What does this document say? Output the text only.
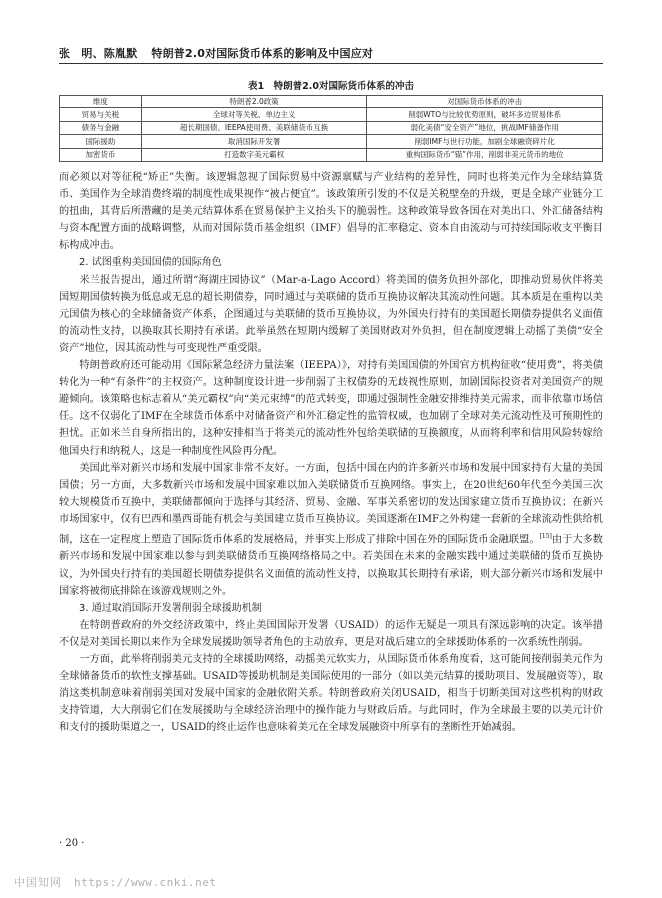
张　明、陈胤默 特朗普2.0对国际货币体系的影响及中国应对
表1　特朗普2.0对国际货币体系的冲击
维度	特朗普2.0政策	对国际货币体系的冲击
贸易与关税	全球对等关税、单边主义	削弱WTO与比较优势原则，破坏多边贸易体系
债务与金融	超长期国债、IEEPA使用费、美联储货币互换	弱化美债“安全资产”地位，挑战IMF储备作用
国际援助	取消国际开发署	削弱IMF与世行功能，加剧全球融资碎片化
加密货币	打造数字美元霸权	重构国际货币“锚”作用，削弱非美元货币的地位

而必须以对等征税“矫正”失衡。该逻辑忽视了国际贸易中资源禀赋与产业结构的差异性，同时也将美元作为全球结算货币、美国作为全球消费终端的制度性成果视作“被占便宜”。该政策所引发的不仅是关税壁垒的升级，更是全球产业链分工的扭曲，其背后所潜藏的是美元结算体系在贸易保护主义抬头下的脆弱性。这种政策导致各国在对美出口、外汇储备结构与资本配置方面的战略调整，从而对国际货币基金组织（IMF）倡导的汇率稳定、资本自由流动与可持续国际收支平衡目标构成冲击。

2. 试图重构美国国债的国际角色

米兰报告提出，通过所谓“海湖庄园协议”（Mar-a-Lago Accord）将美国的债务负担外部化，即推动贸易伙伴将美国短期国债转换为低息或无息的超长期债券，同时通过与美联储的货币互换协议解决其流动性问题。其本质是在重构以美元国债为核心的全球储备资产体系，企图通过与美联储的货币互换协议，为外国央行持有的美国超长期债券提供名义面值的流动性支持，以换取其长期持有承诺。此举虽然在短期内缓解了美国财政对外负担，但在制度逻辑上动摇了美债“安全资产”地位，因其流动性与可变现性严重受限。

特朗普政府还可能动用《国际紧急经济力量法案（IEEPA）》，对持有美国国债的外国官方机构征收“使用费”，将美债转化为一种“有条件”的主权资产。这种制度设计进一步削弱了主权债券的无歧视性原则，加剧国际投资者对美国资产的规避倾向。该策略也标志着从“美元霸权”向“美元束缚”的范式转变，即通过强制性金融安排维持美元需求，而非依靠市场信任。这不仅弱化了IMF在全球货币体系中对储备资产和外汇稳定性的监管权威，也加剧了全球对美元流动性及可预期性的担忧。正如米兰自身所指出的，这种安排相当于将美元的流动性外包给美联储的互换额度，从而将利率和信用风险转嫁给他国央行和纳税人，这是一种制度性风险再分配。

美国此举对新兴市场和发展中国家非常不友好。一方面，包括中国在内的许多新兴市场和发展中国家持有大量的美国国债；另一方面，大多数新兴市场和发展中国家难以加入美联储货币互换网络。事实上，在20世纪60年代至今美国三次较大规模货币互换中，美联储都倾向于选择与其经济、贸易、金融、军事关系密切的发达国家建立货币互换协议；在新兴市场国家中，仅有巴西和墨西哥能有机会与美国建立货币互换协议。美国逐渐在IMF之外构建一套新的全球流动性供给机制，这在一定程度上塑造了国际货币体系的发展格局，并事实上形成了排除中国在外的国际货币金融联盟。[15]由于大多数新兴市场和发展中国家难以参与到美联储货币互换网络格局之中。若美国在未来的金融实践中通过美联储的货币互换协议，为外国央行持有的美国超长期债券提供名义面值的流动性支持，以换取其长期持有承诺，则大部分新兴市场和发展中国家将被彻底排除在该游戏规则之外。

3. 通过取消国际开发署削弱全球援助机制

在特朗普政府的外交经济政策中，终止美国国际开发署（USAID）的运作无疑是一项具有深远影响的决定。该举措不仅是对美国长期以来作为全球发展援助领导者角色的主动放弃，更是对战后建立的全球援助体系的一次系统性削弱。

一方面，此举将削弱美元支持的全球援助网络，动摇美元软实力，从国际货币体系角度看，这可能间接削弱美元作为全球储备货币的软性支撑基础。USAID等援助机制是美国际使用的一部分（如以美元结算的援助项目、发展融资等），取消这类机制意味着削弱美国对发展中国家的金融依附关系。特朗普政府关闭USAID，相当于切断美国对这些机构的财政支持管道，大大削弱它们在发展援助与全球经济治理中的操作能力与财政后盾。与此同时，作为全球最主要的以美元计价和支付的援助渠道之一，USAID的终止运作也意味着美元在全球发展融资中所享有的垄断性开始减弱。

· 20 ·
中国知网 https://www.cnki.net
